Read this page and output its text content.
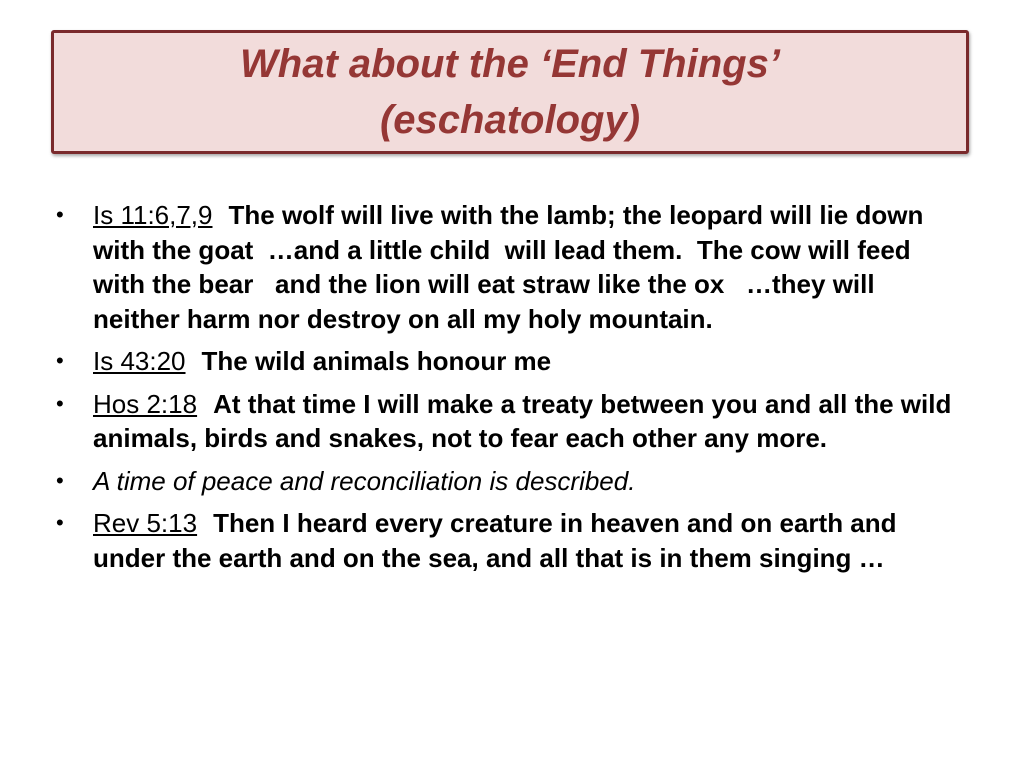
What about the ‘End Things’
(eschatology)
•	Is 11:6,7,9 The wolf will live with the lamb; the leopard will lie down with the goat  …and a little child  will lead them.  The cow will feed with the bear   and the lion will eat straw like the ox   …they will neither harm nor destroy on all my holy mountain.
•	Is 43:20 The wild animals honour me
•	Hos 2:18 At that time I will make a treaty between you and all the wild animals, birds and snakes, not to fear each other any more.
•	A time of peace and reconciliation is described.
•	Rev 5:13 Then I heard every creature in heaven and on earth and under the earth and on the sea, and all that is in them singing …
